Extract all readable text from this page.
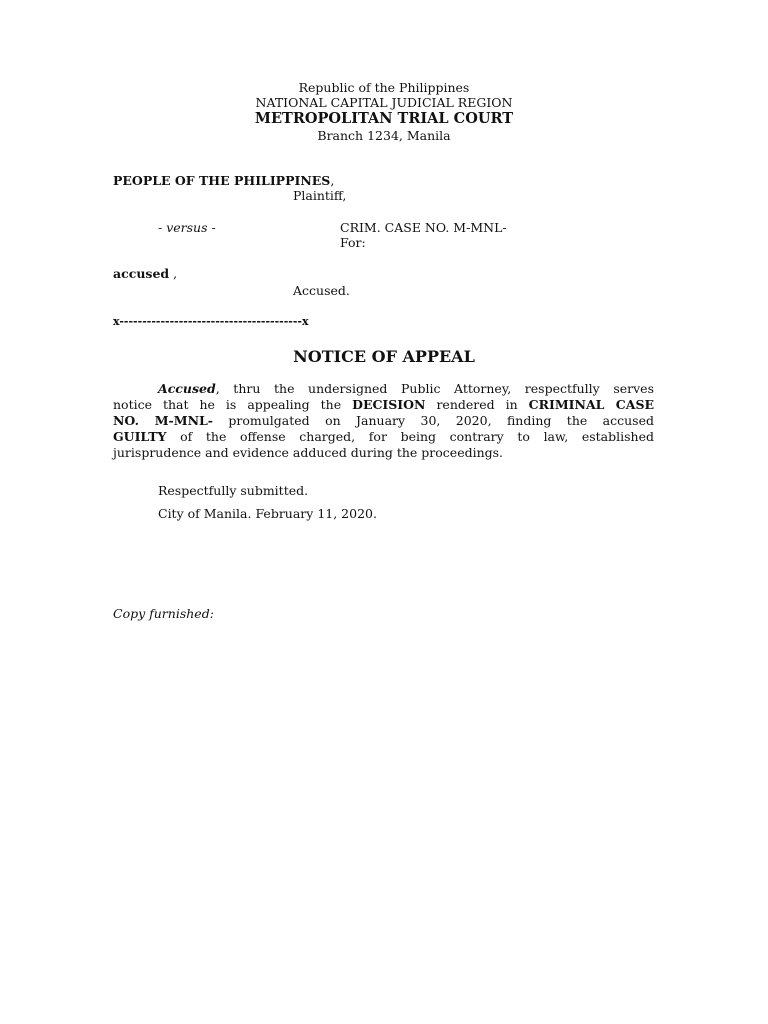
Republic of the Philippines
NATIONAL CAPITAL JUDICIAL REGION
METROPOLITAN TRIAL COURT
Branch 1234, Manila
PEOPLE OF THE PHILIPPINES,
Plaintiff,
- versus -	CRIM. CASE NO. M-MNL-
For:
accused ,
Accused.
x----------------------------------------x
NOTICE OF APPEAL
Accused, thru the undersigned Public Attorney, respectfully serves
notice that he is appealing the DECISION rendered in CRIMINAL CASE
NO. M-MNL- promulgated on January 30, 2020, finding the accused
GUILTY of the offense charged, for being contrary to law, established
jurisprudence and evidence adduced during the proceedings.
Respectfully submitted.
City of Manila. February 11, 2020.
Copy furnished:
